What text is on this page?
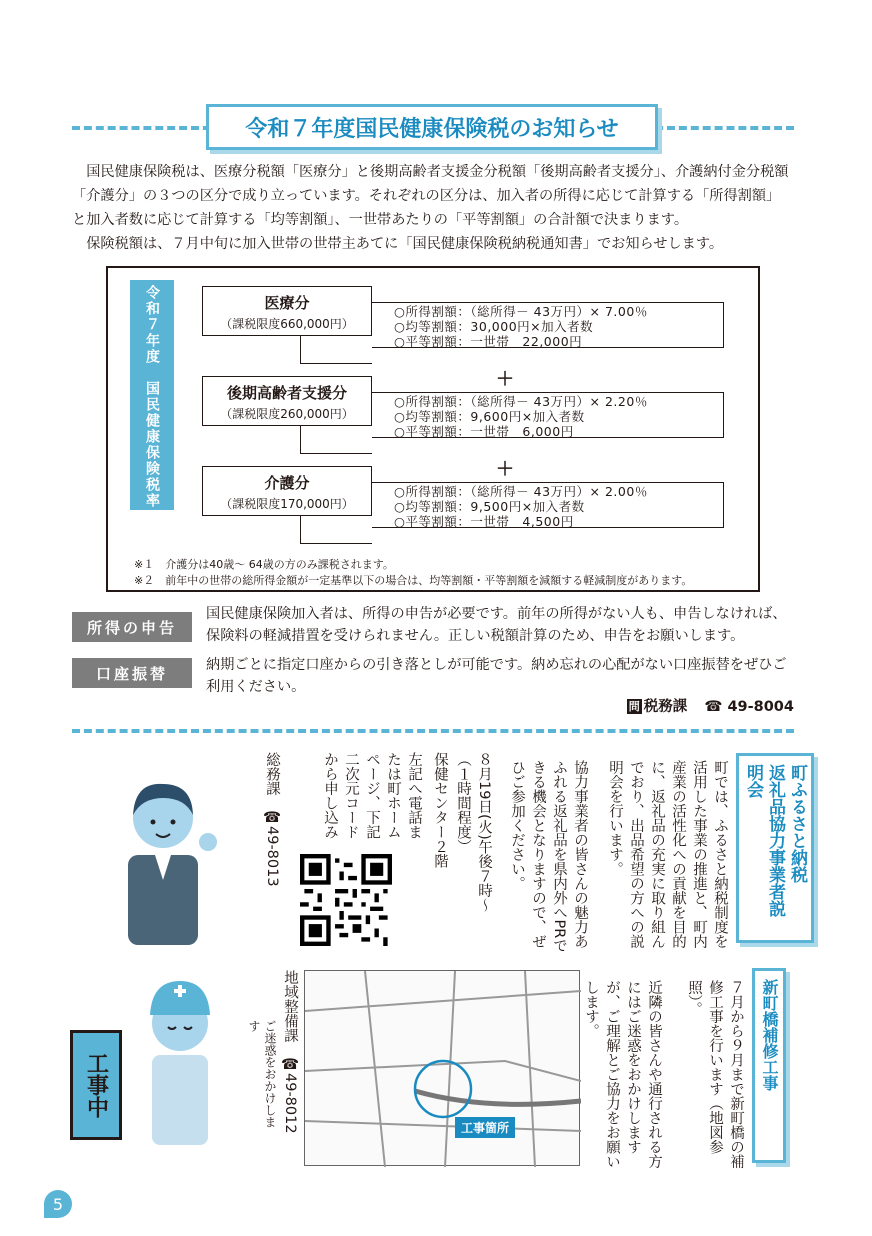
令和７年度国民健康保険税のお知らせ

国民健康保険税は、医療分税額「医療分」と後期高齢者支援金分税額「後期高齢者支援分」、介護納付金分税額「介護分」の３つの区分で成り立っています。それぞれの区分は、加入者の所得に応じて計算する「所得割額」と加入者数に応じて計算する「均等割額」、一世帯あたりの「平等割額」の合計額で決まります。

保険税額は、７月中旬に加入世帯の世帯主あてに「国民健康保険税納税通知書」でお知らせします。

令和７年度　国民健康保険税率	医療分
（課税限度660,000円）
○所得割額：（総所得－ 43万円）× 7.00％
○均等割額：30,000円×加入者数
○平等割額：一世帯　22,000円
＋
後期高齢者支援分
（課税限度260,000円）
○所得割額：（総所得－ 43万円）× 2.20％
○均等割額：9,600円×加入者数
○平等割額：一世帯　6,000円
＋
介護分
（課税限度170,000円）
○所得割額：（総所得－ 43万円）× 2.00％
○均等割額：9,500円×加入者数
○平等割額：一世帯　4,500円
※１　介護分は40歳～ 64歳の方のみ課税されます。
※２　前年中の世帯の総所得金額が一定基準以下の場合は、均等割額・平等割額を減額する軽減制度があります。
所得の申告
国民健康保険加入者は、所得の申告が必要です。前年の所得がない人も、申告しなければ、保険料の軽減措置を受けられません。正しい税額計算のため、申告をお願いします。
口座振替	納期ごとに指定口座からの引き落としが可能です。納め忘れの心配がない口座振替をぜひご利用ください。
問 税務課 ☎ 49‐8004
町ふるさと納税
返礼品協力事業者説明会
町では、ふるさと納税制度を活用した事業の推進と、町内産業の活性化への貢献を目的に、返礼品の充実に取り組んでおり、出品希望の方への説明会を行います。
協力事業者の皆さんの魅力あふれる返礼品を県内外へPRできる機会となりますので、ぜひご参加ください。
８月19日(火)午後７時～
（１時間程度）
保健センター２階
左記へ電話または町ホームページ、下記二次元コードから申し込み
総務課　☎49‐8013
新町橋補修工事
７月から９月まで新町橋の補修工事を行います（地図参照）。
近隣の皆さんや通行される方にはご迷惑をおかけしますが、ご理解とご協力をお願いします。
地域整備課　☎49‐8012	工事箇所
工事中	ご迷惑をおかけします
5
